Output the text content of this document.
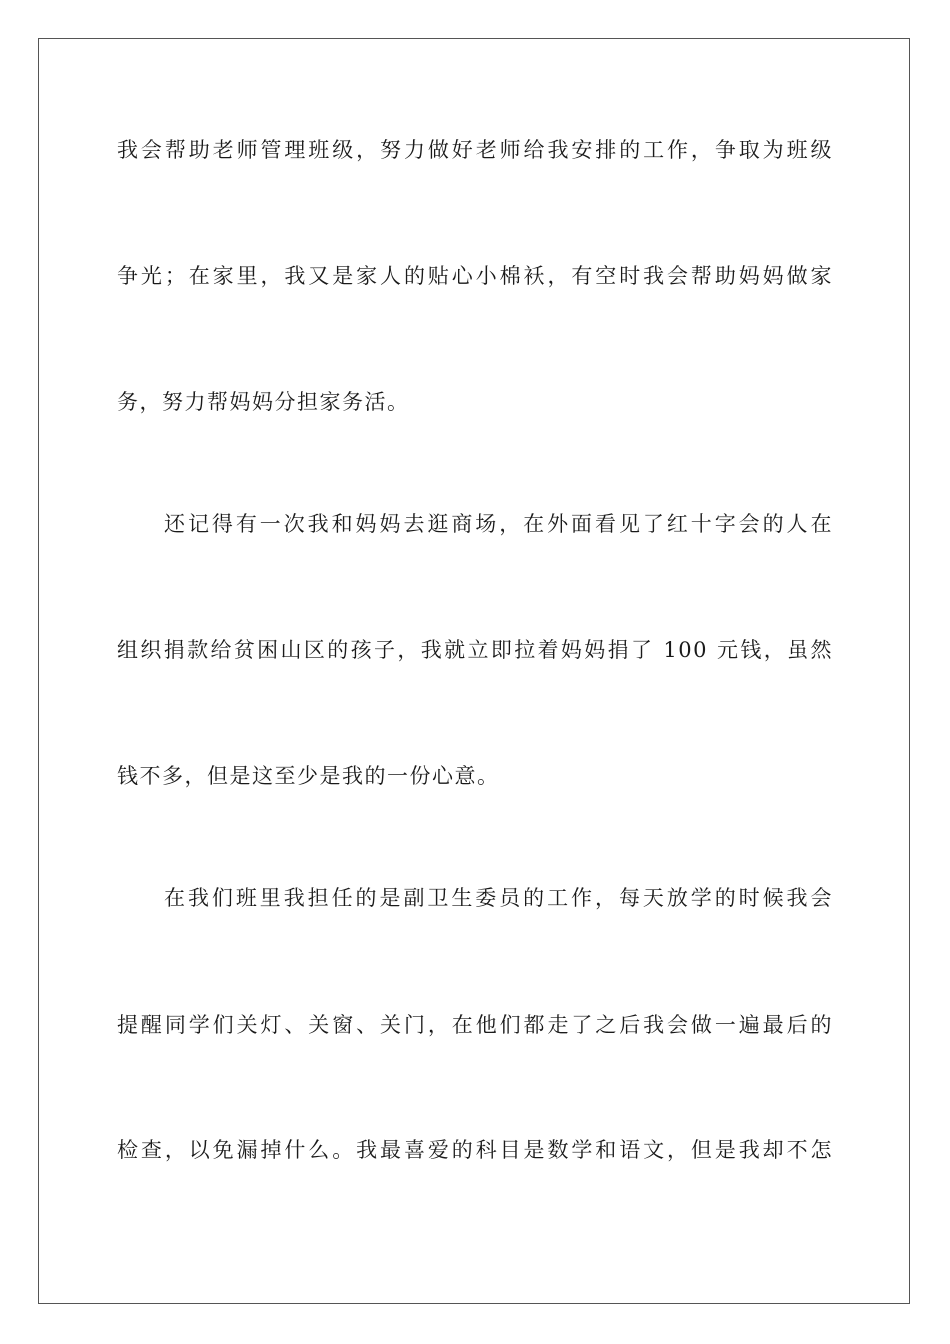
我会帮助老师管理班级，努力做好老师给我安排的工作，争取为班级
争光；在家里，我又是家人的贴心小棉袄，有空时我会帮助妈妈做家
务，努力帮妈妈分担家务活。
还记得有一次我和妈妈去逛商场，在外面看见了红十字会的人在
组织捐款给贫困山区的孩子，我就立即拉着妈妈捐了 100 元钱，虽然
钱不多，但是这至少是我的一份心意。
在我们班里我担任的是副卫生委员的工作，每天放学的时候我会
提醒同学们关灯、关窗、关门，在他们都走了之后我会做一遍最后的
检查，以免漏掉什么。我最喜爱的科目是数学和语文，但是我却不怎
